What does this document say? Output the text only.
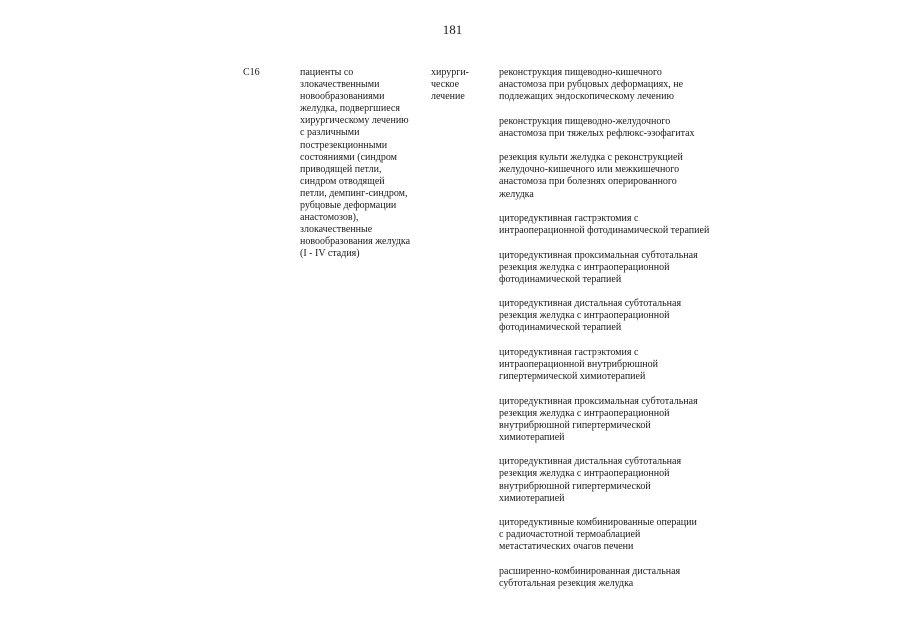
181
C16	пациенты со
злокачественными
новообразованиями
желудка, подвергшиеся
хирургическому лечению
с различными
пострезекционными
состояниями (синдром
приводящей петли,
синдром отводящей
петли, демпинг-синдром,
рубцовые деформации
анастомозов),
злокачественные
новообразования желудка
(I - IV стадия)
хирурги-
ческое
лечение
реконструкция пищеводно-кишечного
анастомоза при рубцовых деформациях, не
подлежащих эндоскопическому лечению
реконструкция пищеводно-желудочного
анастомоза при тяжелых рефлюкс-эзофагитах
резекция культи желудка с реконструкцией
желудочно-кишечного или межкишечного
анастомоза при болезнях оперированного
желудка
циторедуктивная гастрэктомия с
интраоперационной фотодинамической терапией
циторедуктивная проксимальная субтотальная
резекция желудка с интраоперационной
фотодинамической терапией
циторедуктивная дистальная субтотальная
резекция желудка с интраоперационной
фотодинамической терапией
циторедуктивная гастрэктомия с
интраоперационной внутрибрюшной
гипертермической химиотерапией
циторедуктивная проксимальная субтотальная
резекция желудка с интраоперационной
внутрибрюшной гипертермической
химиотерапией
циторедуктивная дистальная субтотальная
резекция желудка с интраоперационной
внутрибрюшной гипертермической
химиотерапией
циторедуктивные комбинированные операции
с радиочастотной термоаблацией
метастатических очагов печени
расширенно-комбинированная дистальная
субтотальная резекция желудка
